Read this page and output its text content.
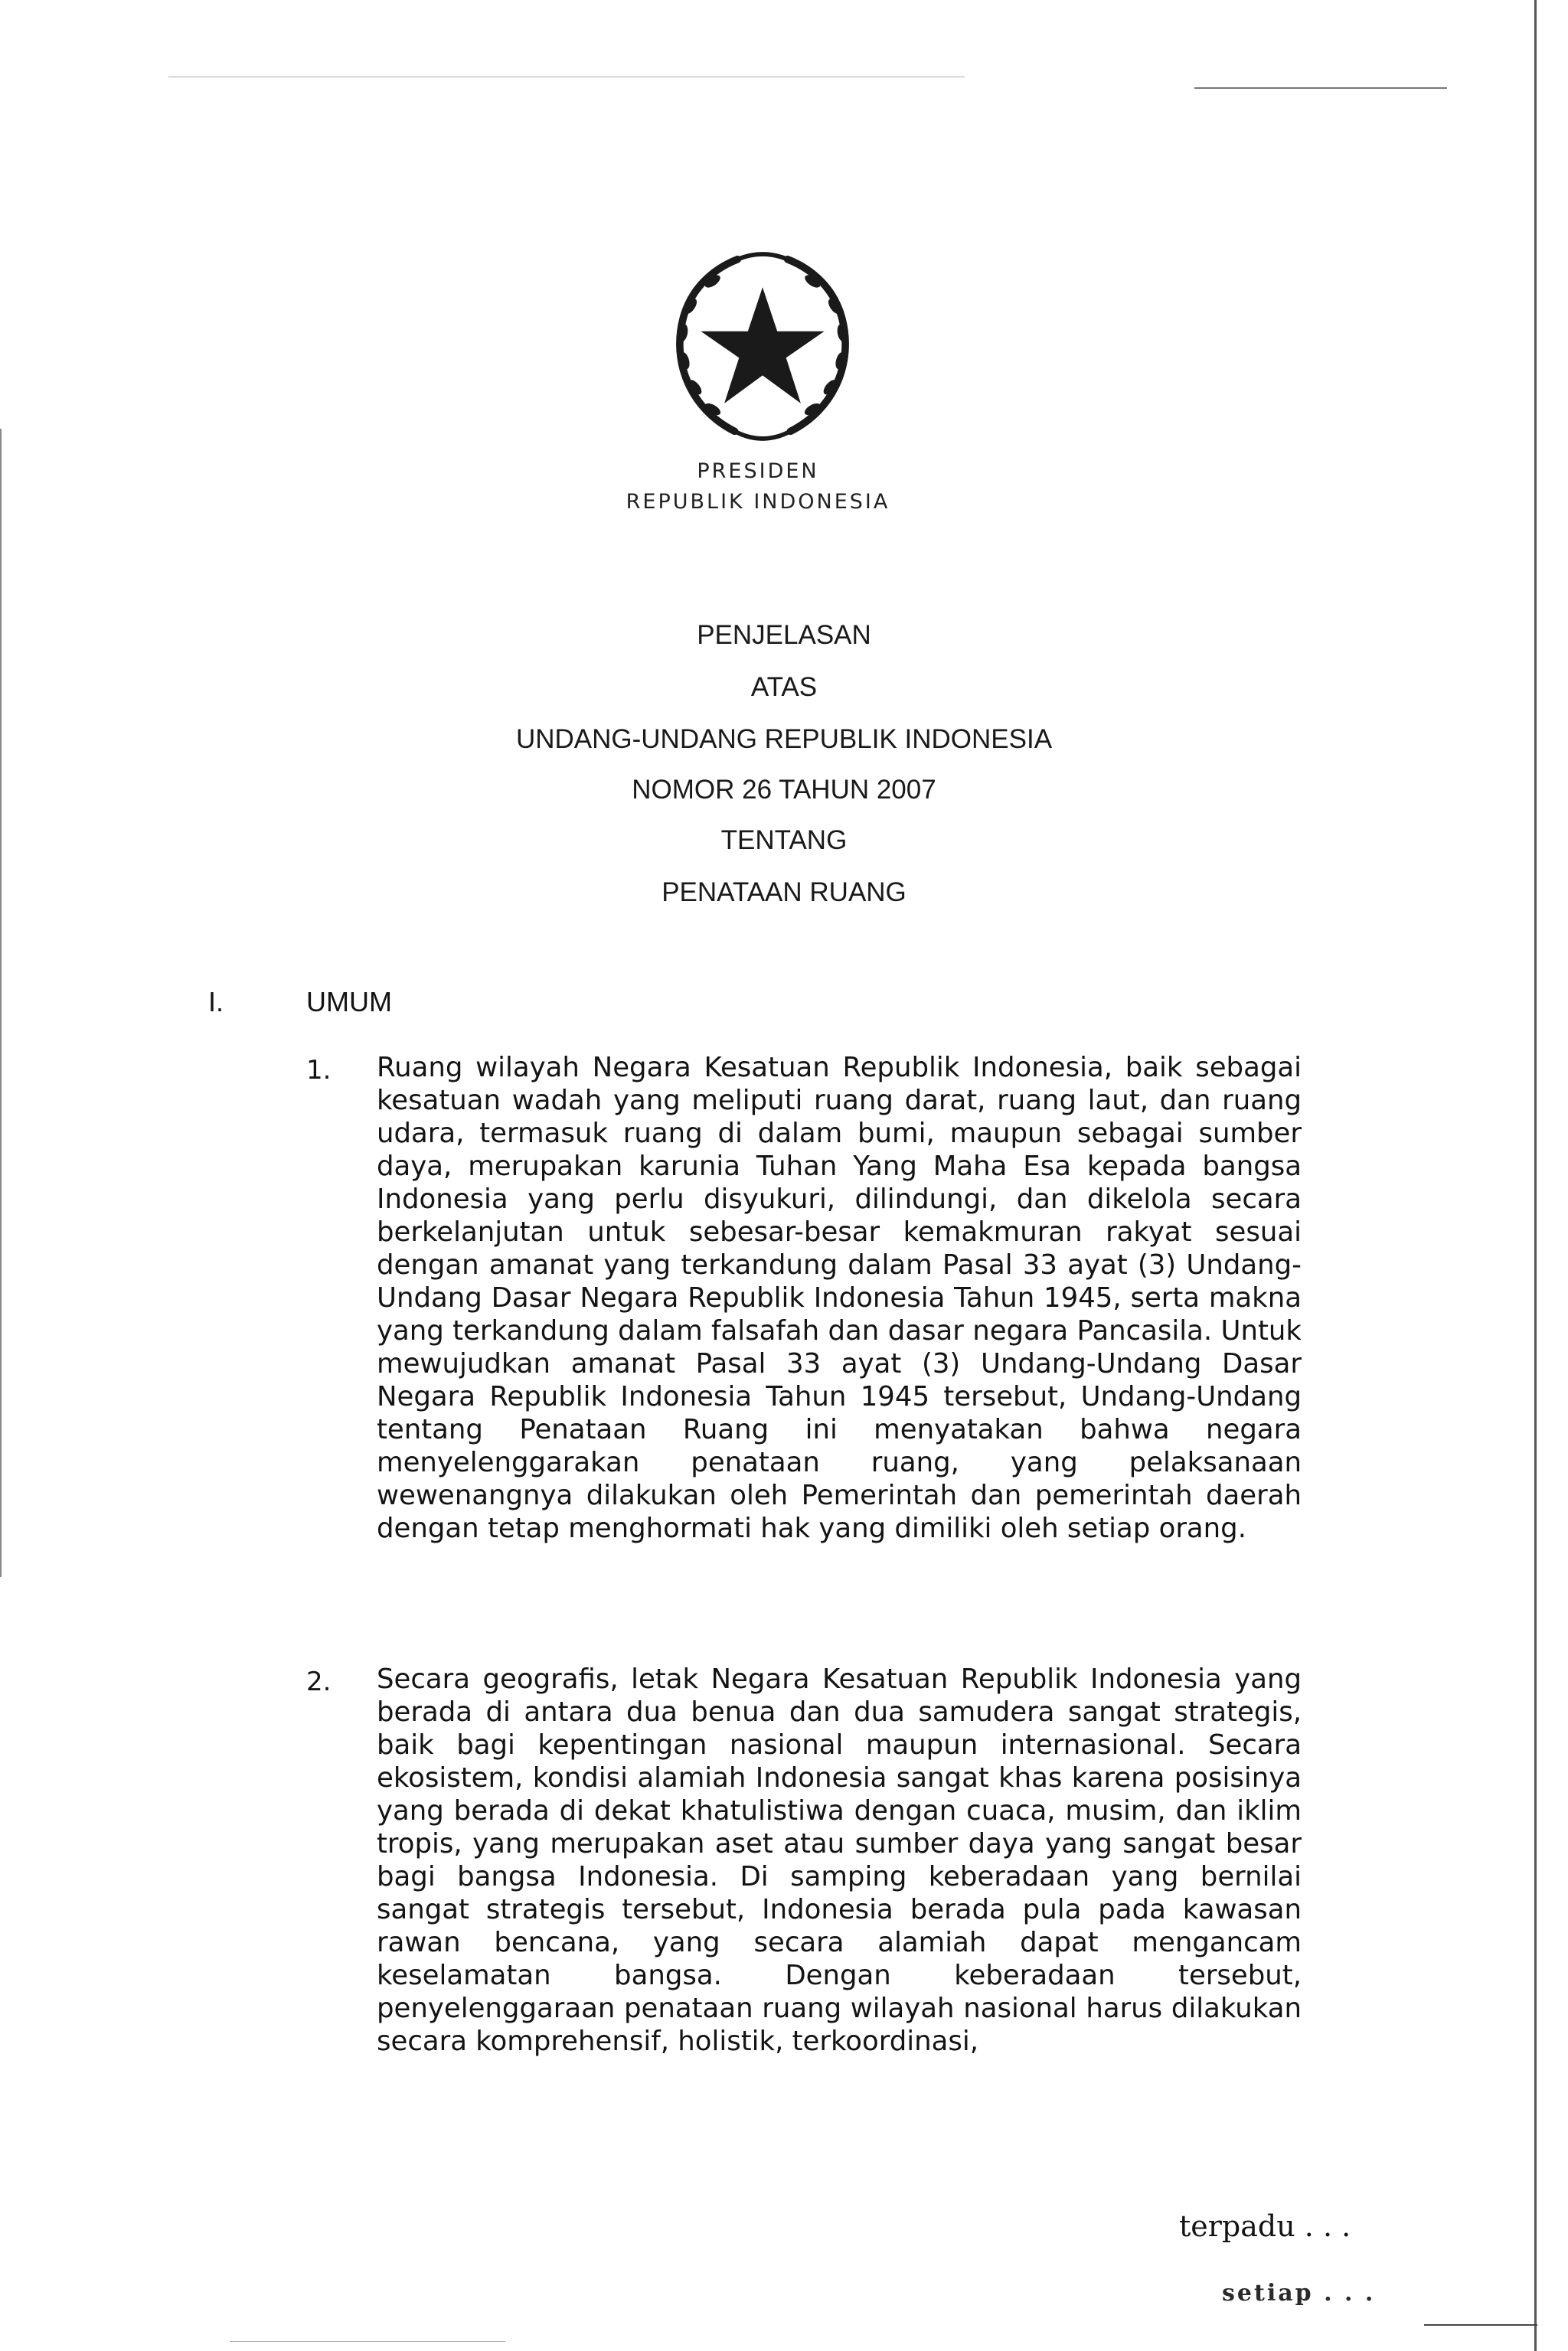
PRESIDEN
REPUBLIK INDONESIA
PENJELASAN
ATAS
UNDANG-UNDANG REPUBLIK INDONESIA
NOMOR 26 TAHUN 2007
TENTANG
PENATAAN RUANG
I.	UMUM
1. Ruang wilayah Negara Kesatuan Republik Indonesia, baik sebagai kesatuan wadah yang meliputi ruang darat, ruang laut, dan ruang udara, termasuk ruang di dalam bumi, maupun sebagai sumber daya, merupakan karunia Tuhan Yang Maha Esa kepada bangsa Indonesia yang perlu disyukuri, dilindungi, dan dikelola secara berkelanjutan untuk sebesar-besar kemakmuran rakyat sesuai dengan amanat yang terkandung dalam Pasal 33 ayat (3) Undang-Undang Dasar Negara Republik Indonesia Tahun 1945, serta makna yang terkandung dalam falsafah dan dasar negara Pancasila. Untuk mewujudkan amanat Pasal 33 ayat (3) Undang-Undang Dasar Negara Republik Indonesia Tahun 1945 tersebut, Undang-Undang tentang Penataan Ruang ini menyatakan bahwa negara menyelenggarakan penataan ruang, yang pelaksanaan wewenangnya dilakukan oleh Pemerintah dan pemerintah daerah dengan tetap menghormati hak yang dimiliki oleh setiap orang.

2. Secara geografis, letak Negara Kesatuan Republik Indonesia yang berada di antara dua benua dan dua samudera sangat strategis, baik bagi kepentingan nasional maupun internasional. Secara ekosistem, kondisi alamiah Indonesia sangat khas karena posisinya yang berada di dekat khatulistiwa dengan cuaca, musim, dan iklim tropis, yang merupakan aset atau sumber daya yang sangat besar bagi bangsa Indonesia. Di samping keberadaan yang bernilai sangat strategis tersebut, Indonesia berada pula pada kawasan rawan bencana, yang secara alamiah dapat mengancam keselamatan bangsa. Dengan keberadaan tersebut, penyelenggaraan penataan ruang wilayah nasional harus dilakukan secara komprehensif, holistik, terkoordinasi,

terpadu . . .
setiap . . .
